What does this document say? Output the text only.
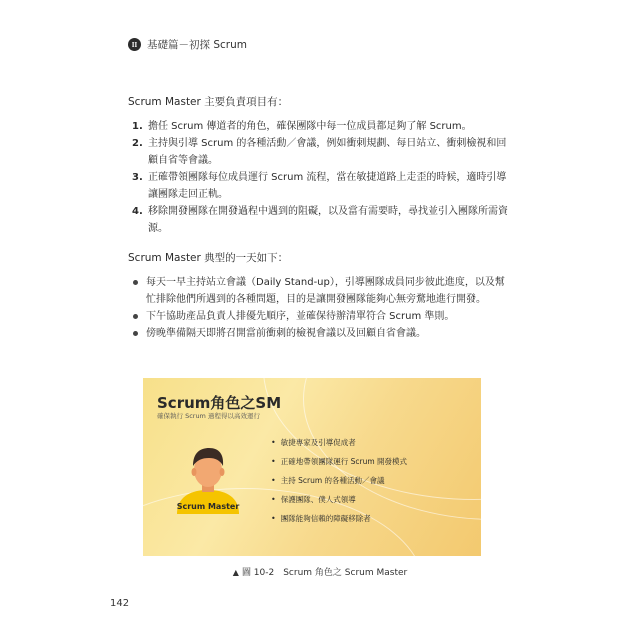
II 基礎篇－初探 Scrum
Scrum Master 主要負責項目有：
1. 擔任 Scrum 傳道者的角色，確保團隊中每一位成員都足夠了解 Scrum。
2. 主持與引導 Scrum 的各種活動／會議，例如衝刺規劃、每日站立、衝刺檢視和回顧自省等會議。
3. 正確帶領團隊每位成員運行 Scrum 流程，當在敏捷道路上走歪的時候，適時引導讓團隊走回正軌。
4. 移除開發團隊在開發過程中遇到的阻礙，以及當有需要時，尋找並引入團隊所需資源。
Scrum Master 典型的一天如下：
每天一早主持站立會議（Daily Stand-up），引導團隊成員同步彼此進度，以及幫忙排除他們所遇到的各種問題，目的是讓開發團隊能夠心無旁騖地進行開發。
下午協助產品負責人排優先順序，並確保待辦清單符合 Scrum 準則。
傍晚準備隔天即將召開當前衝刺的檢視會議以及回顧自省會議。
Scrum角色之SM
確保執行 Scrum 過程得以高效運行
Scrum Master
• 敏捷專家及引導促成者
• 正確地帶領團隊運行 Scrum 開發模式
• 主持 Scrum 的各種活動／會議
• 保護團隊、僕人式領導
• 團隊能夠信賴的障礙移除者
▲ 圖 10-2　Scrum 角色之 Scrum Master
142
